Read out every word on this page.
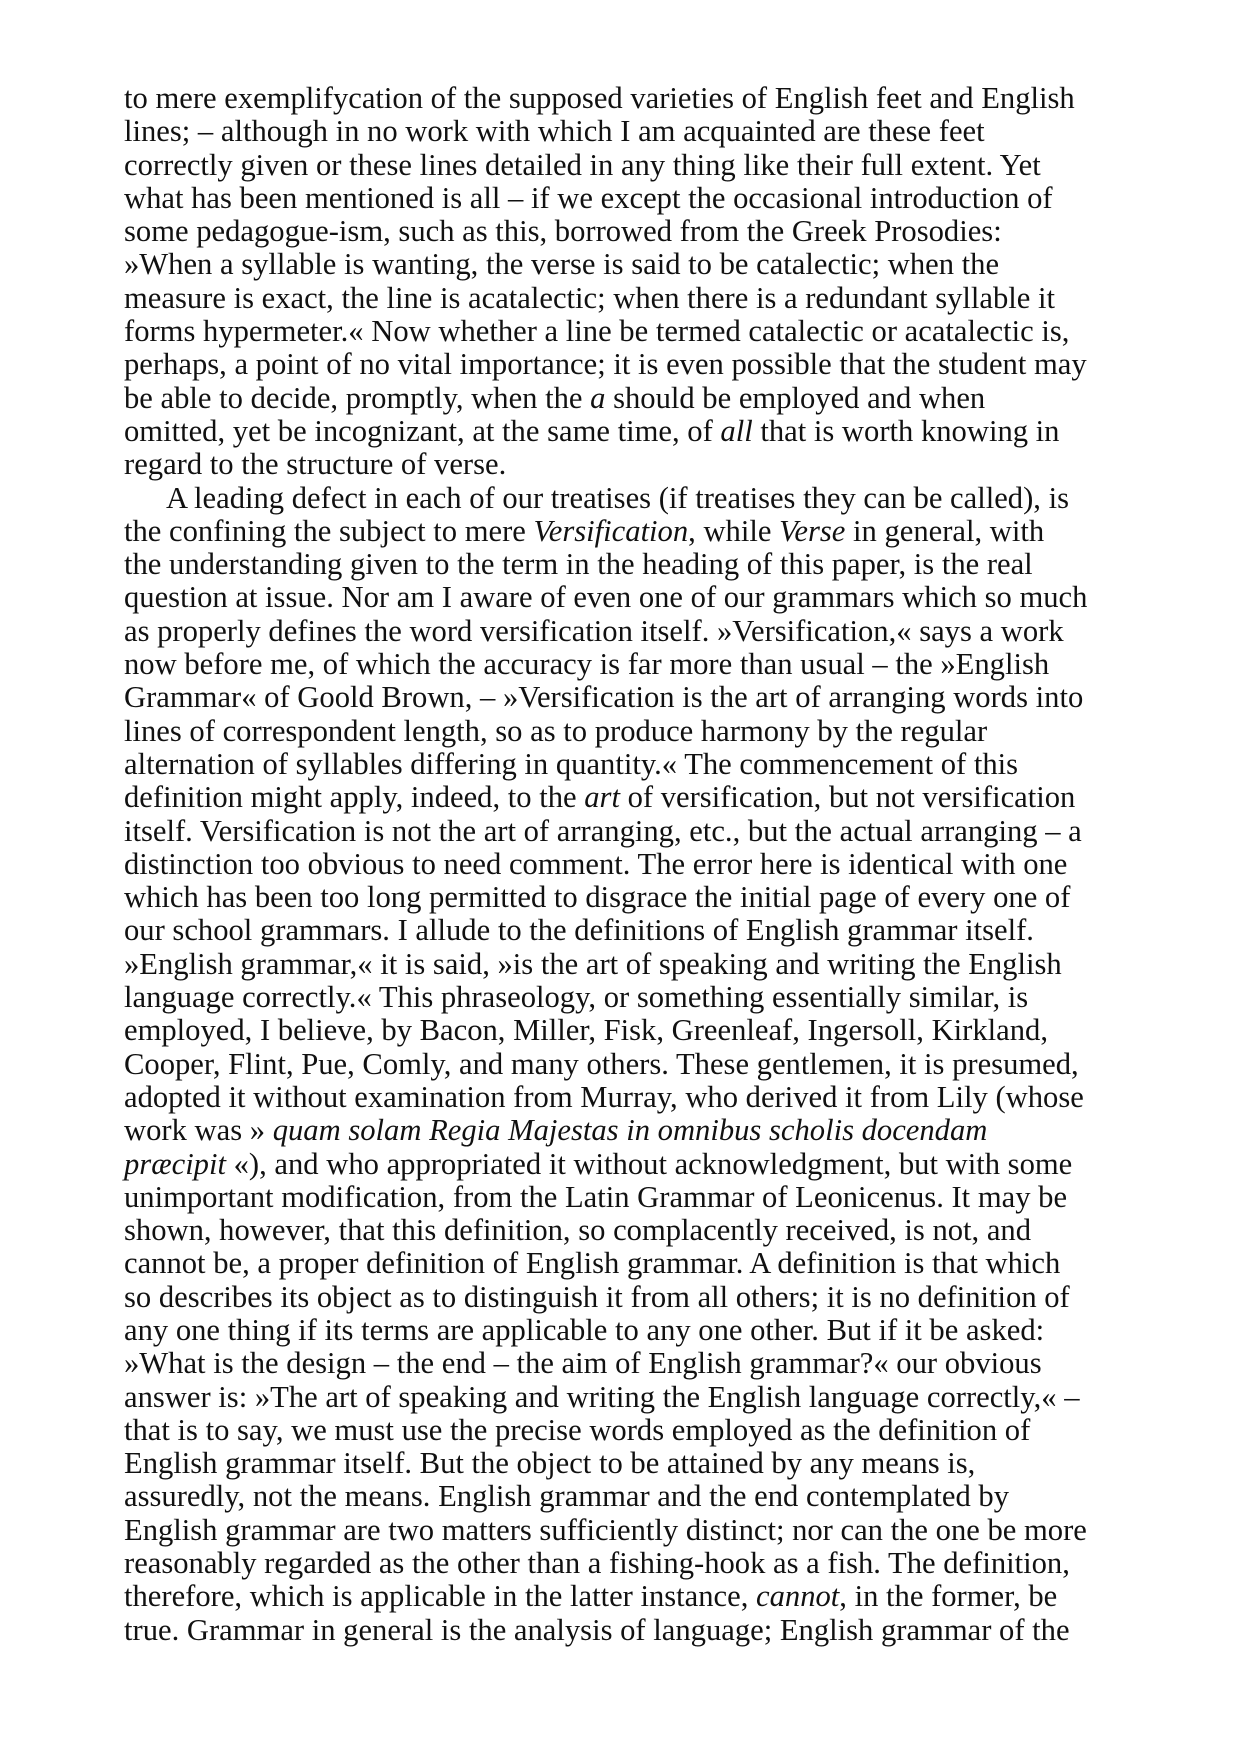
to mere exemplifycation of the supposed varieties of English feet and English
lines; – although in no work with which I am acquainted are these feet
correctly given or these lines detailed in any thing like their full extent. Yet
what has been mentioned is all – if we except the occasional introduction of
some pedagogue-ism, such as this, borrowed from the Greek Prosodies:
»When a syllable is wanting, the verse is said to be catalectic; when the
measure is exact, the line is acatalectic; when there is a redundant syllable it
forms hypermeter.« Now whether a line be termed catalectic or acatalectic is,
perhaps, a point of no vital importance; it is even possible that the student may
be able to decide, promptly, when the a should be employed and when
omitted, yet be incognizant, at the same time, of all that is worth knowing in
regard to the structure of verse.
A leading defect in each of our treatises (if treatises they can be called), is
the confining the subject to mere Versification, while Verse in general, with
the understanding given to the term in the heading of this paper, is the real
question at issue. Nor am I aware of even one of our grammars which so much
as properly defines the word versification itself. »Versification,« says a work
now before me, of which the accuracy is far more than usual – the »English
Grammar« of Goold Brown, – »Versification is the art of arranging words into
lines of correspondent length, so as to produce harmony by the regular
alternation of syllables differing in quantity.« The commencement of this
definition might apply, indeed, to the art of versification, but not versification
itself. Versification is not the art of arranging, etc., but the actual arranging – a
distinction too obvious to need comment. The error here is identical with one
which has been too long permitted to disgrace the initial page of every one of
our school grammars. I allude to the definitions of English grammar itself.
»English grammar,« it is said, »is the art of speaking and writing the English
language correctly.« This phraseology, or something essentially similar, is
employed, I believe, by Bacon, Miller, Fisk, Greenleaf, Ingersoll, Kirkland,
Cooper, Flint, Pue, Comly, and many others. These gentlemen, it is presumed,
adopted it without examination from Murray, who derived it from Lily (whose
work was » quam solam Regia Majestas in omnibus scholis docendam
præcipit «), and who appropriated it without acknowledgment, but with some
unimportant modification, from the Latin Grammar of Leonicenus. It may be
shown, however, that this definition, so complacently received, is not, and
cannot be, a proper definition of English grammar. A definition is that which
so describes its object as to distinguish it from all others; it is no definition of
any one thing if its terms are applicable to any one other. But if it be asked:
»What is the design – the end – the aim of English grammar?« our obvious
answer is: »The art of speaking and writing the English language correctly,« –
that is to say, we must use the precise words employed as the definition of
English grammar itself. But the object to be attained by any means is,
assuredly, not the means. English grammar and the end contemplated by
English grammar are two matters sufficiently distinct; nor can the one be more
reasonably regarded as the other than a fishing-hook as a fish. The definition,
therefore, which is applicable in the latter instance, cannot, in the former, be
true. Grammar in general is the analysis of language; English grammar of the
